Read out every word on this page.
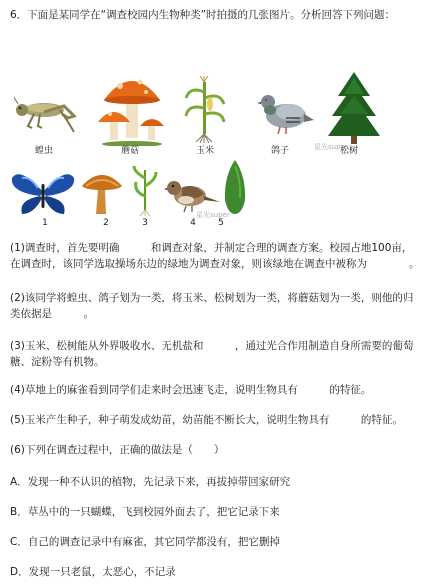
6．下面是某同学在“调查校园内生物种类”时拍摄的几张图片。分析回答下列问题：
蝗虫	蘑菇	玉米	鸽子	松树
星光super
1	2	3	4
星光super
5
(1)调查时，首先要明确　　　和调查对象，并制定合理的调查方案。校园占地100亩，在调查时，该同学选取操场东边的绿地为调查对象，则该绿地在调查中被称为　　　　。
(2)该同学将蝗虫、鸽子划为一类，将玉米、松树划为一类，将蘑菇划为一类，则他的归类依据是　　　。
(3)玉米、松树能从外界吸收水、无机盐和　　　，通过光合作用制造自身所需要的葡萄糖、淀粉等有机物。
(4)草地上的麻雀看到同学们走来时会迅速飞走，说明生物具有　　　的特征。
(5)玉米产生种子，种子萌发成幼苗，幼苗能不断长大，说明生物具有　　　的特征。
(6)下列在调查过程中，正确的做法是（　　）
A．发现一种不认识的植物，先记录下来，再拔掉带回家研究
B．草丛中的一只蝴蝶，飞到校园外面去了，把它记录下来
C．自己的调查记录中有麻雀，其它同学都没有，把它删掉
D．发现一只老鼠，太恶心，不记录
